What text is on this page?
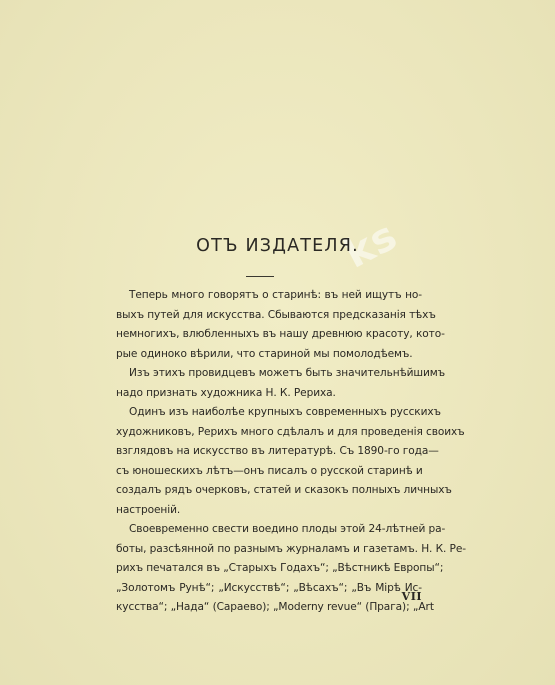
ks
ОТЪ ИЗДАТЕЛЯ.
Теперь много говорятъ о старинѣ: въ ней ищутъ но-
выхъ путей для искусства. Сбываются предсказанія тѣхъ
немногихъ, влюбленныхъ въ нашу древнюю красоту, кото-
рые одиноко вѣрили, что стариной мы помолодѣемъ.
Изъ этихъ провидцевъ можетъ быть значительнѣйшимъ
надо признать художника Н. К. Рериха.
Одинъ изъ наиболѣе крупныхъ современныхъ русскихъ
художниковъ, Рерихъ много сдѣлалъ и для проведенія своихъ
взглядовъ на искусство въ литературѣ. Съ 1890-го года—
съ юношескихъ лѣтъ—онъ писалъ о русской старинѣ и
создалъ рядъ очерковъ, статей и сказокъ полныхъ личныхъ
настроеній.
Своевременно свести воедино плоды этой 24-лѣтней ра-
боты, разсѣянной по разнымъ журналамъ и газетамъ. Н. К. Ре-
рихъ печатался въ „Старыхъ Годахъ“; „Вѣстникѣ Европы“;
„Золотомъ Рунѣ“; „Искусствѣ“; „Вѣсахъ“; „Въ Мірѣ Ис-
кусства“; „Нада“ (Сараево); „Moderny revue“ (Прага); „Art
VII
